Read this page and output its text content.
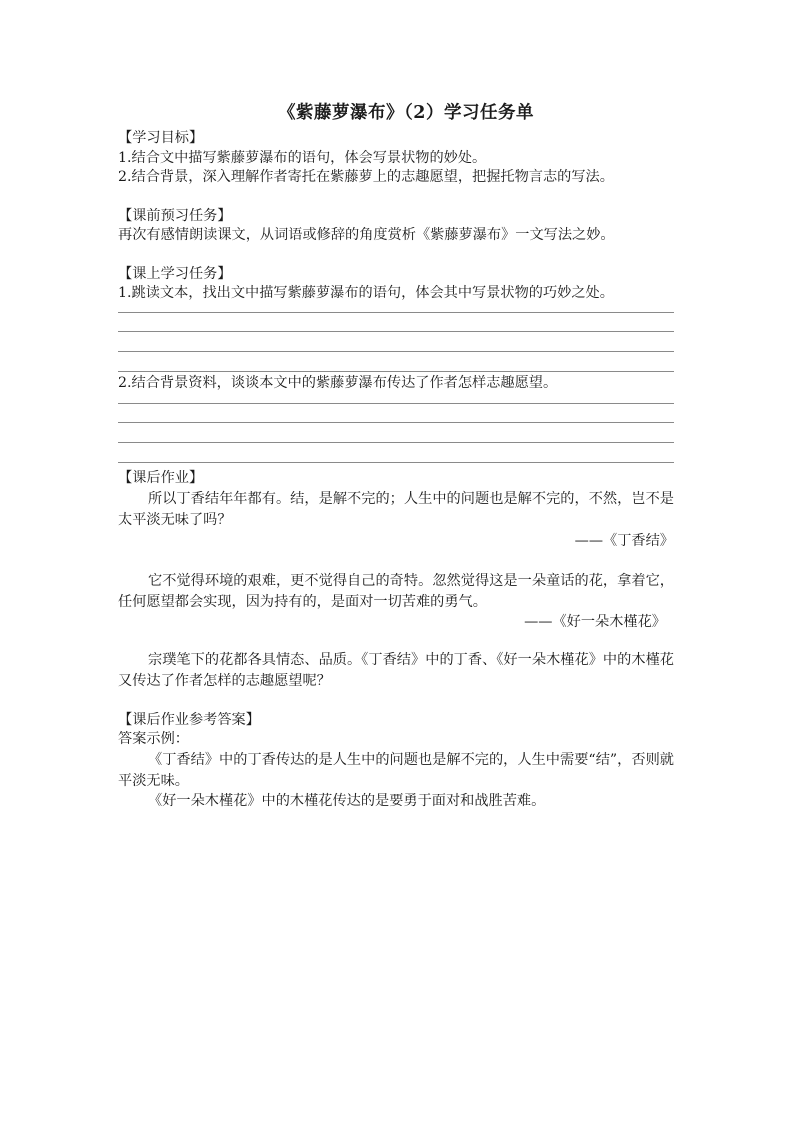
《紫藤萝瀑布》（2）学习任务单

【学习目标】

1.结合文中描写紫藤萝瀑布的语句，体会写景状物的妙处。

2.结合背景，深入理解作者寄托在紫藤萝上的志趣愿望，把握托物言志的写法。

【课前预习任务】

再次有感情朗读课文，从词语或修辞的角度赏析《紫藤萝瀑布》一文写法之妙。

【课上学习任务】

1.跳读文本，找出文中描写紫藤萝瀑布的语句，体会其中写景状物的巧妙之处。

2.结合背景资料，谈谈本文中的紫藤萝瀑布传达了作者怎样志趣愿望。

【课后作业】

所以丁香结年年都有。结，是解不完的；人生中的问题也是解不完的，不然，岂不是太平淡无味了吗？

——《丁香结》

它不觉得环境的艰难，更不觉得自己的奇特。忽然觉得这是一朵童话的花，拿着它，任何愿望都会实现，因为持有的，是面对一切苦难的勇气。

——《好一朵木槿花》

宗璞笔下的花都各具情态、品质。《丁香结》中的丁香、《好一朵木槿花》中的木槿花又传达了作者怎样的志趣愿望呢？

【课后作业参考答案】

答案示例：

《丁香结》中的丁香传达的是人生中的问题也是解不完的，人生中需要“结”，否则就平淡无味。

《好一朵木槿花》中的木槿花传达的是要勇于面对和战胜苦难。
